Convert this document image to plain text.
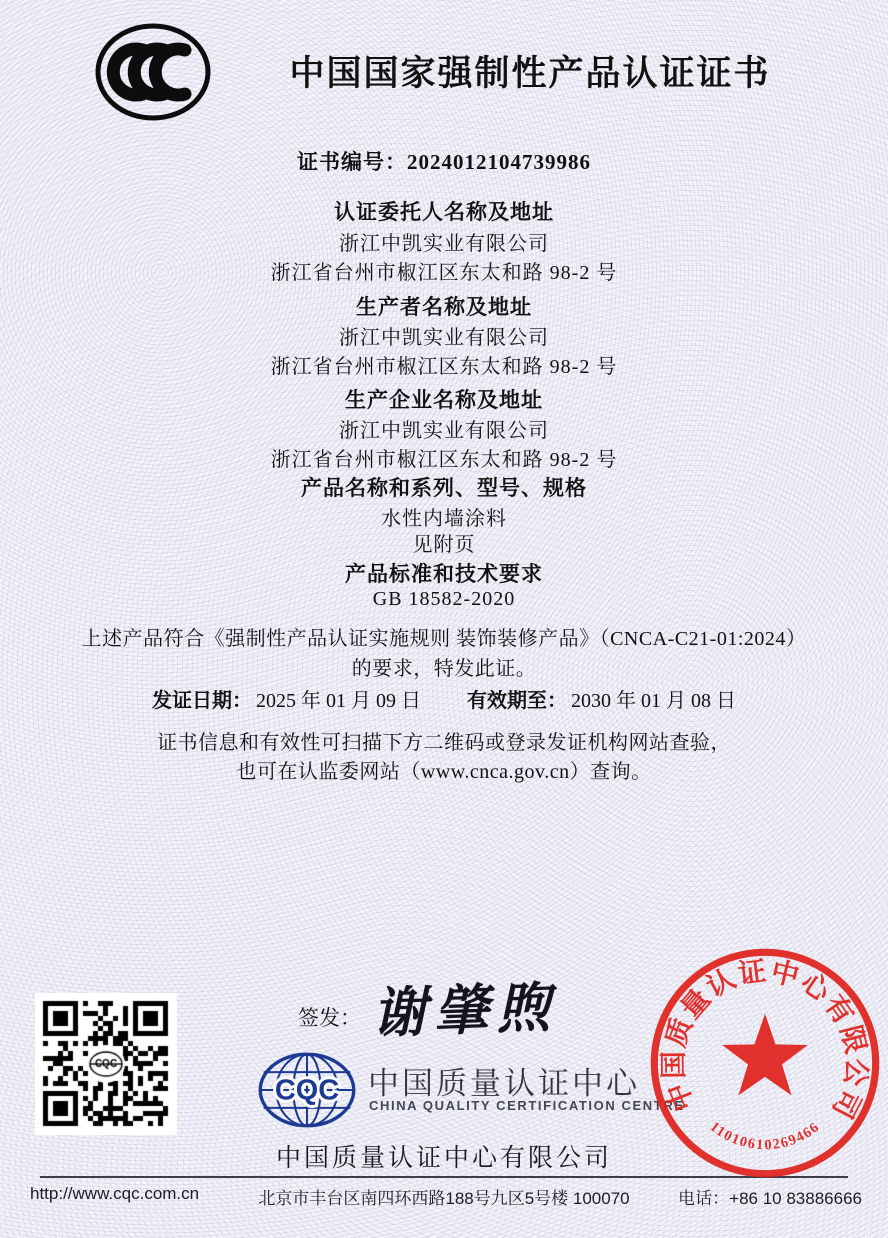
中国国家强制性产品认证证书
证书编号：2024012104739986
认证委托人名称及地址
浙江中凯实业有限公司
浙江省台州市椒江区东太和路 98-2 号
生产者名称及地址
浙江中凯实业有限公司
浙江省台州市椒江区东太和路 98-2 号
生产企业名称及地址
浙江中凯实业有限公司
浙江省台州市椒江区东太和路 98-2 号
产品名称和系列、型号、规格
水性内墙涂料
见附页
产品标准和技术要求
GB 18582-2020
上述产品符合《强制性产品认证实施规则 装饰装修产品》（CNCA-C21-01:2024）
的要求，特发此证。
发证日期： 2025 年 01 月 09 日 有效期至： 2030 年 01 月 08 日
证书信息和有效性可扫描下方二维码或登录发证机构网站查验，
也可在认监委网站（www.cnca.gov.cn）查询。
签发： 谢肇煦
CQC 中国质量认证中心
CHINA QUALITY CERTIFICATION CENTRE
中国质量认证中心有限公司
http://www.cqc.com.cn	北京市丰台区南四环西路188号九区5号楼 100070	电话：+86 10 83886666
中国质量认证中心有限公司
11010610269466
